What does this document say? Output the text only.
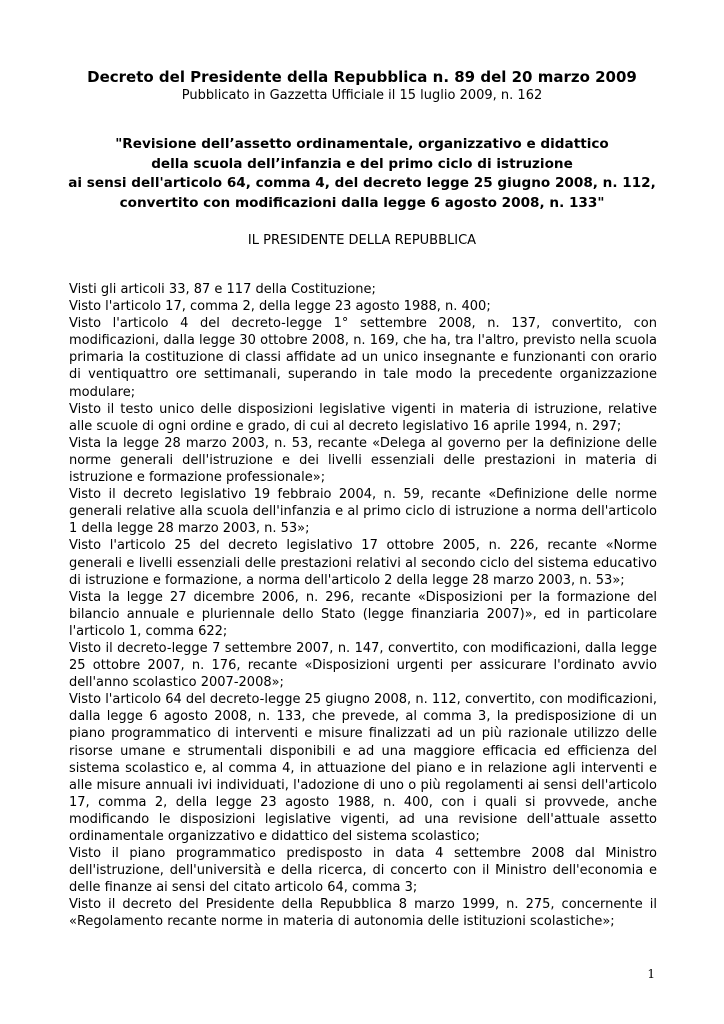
Decreto del Presidente della Repubblica n. 89 del 20 marzo 2009
Pubblicato in Gazzetta Ufficiale il 15 luglio 2009, n. 162
"Revisione dell’assetto ordinamentale, organizzativo e didattico
della scuola dell’infanzia e del primo ciclo di istruzione
ai sensi dell'articolo 64, comma 4, del decreto legge 25 giugno 2008, n. 112,
convertito con modificazioni dalla legge 6 agosto 2008, n. 133"
IL PRESIDENTE DELLA REPUBBLICA

Visti gli articoli 33, 87 e 117 della Costituzione;

Visto l'articolo 17, comma 2, della legge 23 agosto 1988, n. 400;

Visto l'articolo 4 del decreto-legge 1° settembre 2008, n. 137, convertito, con modificazioni, dalla legge 30 ottobre 2008, n. 169, che ha, tra l'altro, previsto nella scuola primaria la costituzione di classi affidate ad un unico insegnante e funzionanti con orario di ventiquattro ore settimanali, superando in tale modo la precedente organizzazione modulare;

Visto il testo unico delle disposizioni legislative vigenti in materia di istruzione, relative alle scuole di ogni ordine e grado, di cui al decreto legislativo 16 aprile 1994, n. 297;

Vista la legge 28 marzo 2003, n. 53, recante «Delega al governo per la definizione delle norme generali dell'istruzione e dei livelli essenziali delle prestazioni in materia di istruzione e formazione professionale»;

Visto il decreto legislativo 19 febbraio 2004, n. 59, recante «Definizione delle norme generali relative alla scuola dell'infanzia e al primo ciclo di istruzione a norma dell'articolo 1 della legge 28 marzo 2003, n. 53»;

Visto l'articolo 25 del decreto legislativo 17 ottobre 2005, n. 226, recante «Norme generali e livelli essenziali delle prestazioni relativi al secondo ciclo del sistema educativo di istruzione e formazione, a norma dell'articolo 2 della legge 28 marzo 2003, n. 53»;

Vista la legge 27 dicembre 2006, n. 296, recante «Disposizioni per la formazione del bilancio annuale e pluriennale dello Stato (legge finanziaria 2007)», ed in particolare l'articolo 1, comma 622;

Visto il decreto-legge 7 settembre 2007, n. 147, convertito, con modificazioni, dalla legge 25 ottobre 2007, n. 176, recante «Disposizioni urgenti per assicurare l'ordinato avvio dell'anno scolastico 2007-2008»;

Visto l'articolo 64 del decreto-legge 25 giugno 2008, n. 112, convertito, con modificazioni, dalla legge 6 agosto 2008, n. 133, che prevede, al comma 3, la predisposizione di un piano programmatico di interventi e misure finalizzati ad un più razionale utilizzo delle risorse umane e strumentali disponibili e ad una maggiore efficacia ed efficienza del sistema scolastico e, al comma 4, in attuazione del piano e in relazione agli interventi e alle misure annuali ivi individuati, l'adozione di uno o più regolamenti ai sensi dell'articolo 17, comma 2, della legge 23 agosto 1988, n. 400, con i quali si provvede, anche modificando le disposizioni legislative vigenti, ad una revisione dell'attuale assetto ordinamentale organizzativo e didattico del sistema scolastico;

Visto il piano programmatico predisposto in data 4 settembre 2008 dal Ministro dell'istruzione, dell'università e della ricerca, di concerto con il Ministro dell'economia e delle finanze ai sensi del citato articolo 64, comma 3;

Visto il decreto del Presidente della Repubblica 8 marzo 1999, n. 275, concernente il «Regolamento recante norme in materia di autonomia delle istituzioni scolastiche»;

1
